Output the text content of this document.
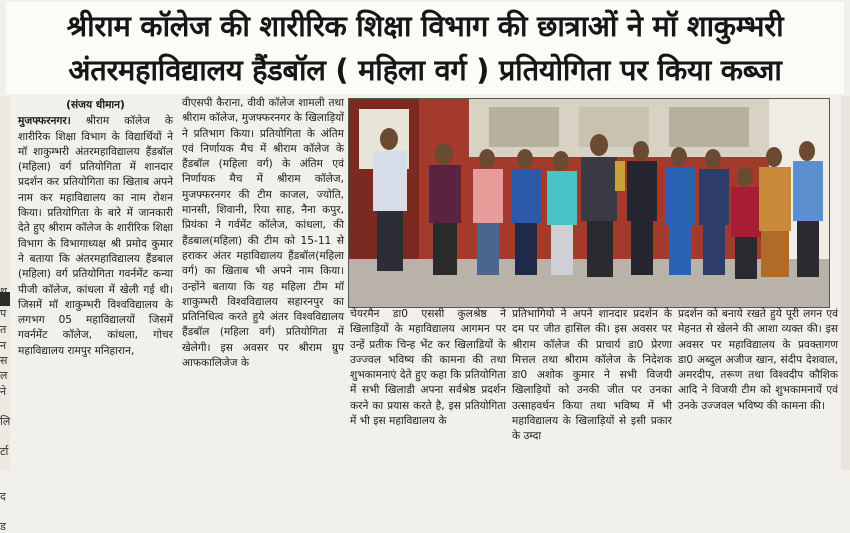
श्रीराम कॉलेज की शारीरिक शिक्षा विभाग की छात्राओं ने मॉ शाकुम्भरी
अंतरमहाविद्यालय हैंडबॉल ( महिला वर्ग ) प्रतियोगिता पर किया कब्जा
थ
प
त
न
स
ल
ने
लि
र्टा
द
ड
(संजय धीमान)

मुजफ्फरनगर। श्रीराम कॉलेज के शारीरिक शिक्षा विभाग के विद्यार्थियों ने मॉ शाकुम्भरी अंतरमहाविद्यालय हैंडबॉल (महिला) वर्ग प्रतियोगिता में शानदार प्रदर्शन कर प्रतियोगिता का खिताब अपने नाम कर महाविद्यालय का नाम रोशन किया। प्रतियोगिता के बारे में जानकारी देते हुए श्रीराम कॉलेज के शारीरिक शिक्षा विभाग के विभागाध्यक्ष श्री प्रमोद कुमार ने बताया कि अंतरमहाविद्यालय हैंडबाल (महिला) वर्ग प्रतियोगिता गवर्नमेंट कन्या पीजी कॉलेज, कांधला में खेली गई थी। जिसमें मॉ शाकुम्भरी विश्वविद्यालय के लगभग 05 महाविद्यालयों जिसमें गवर्नमेंट कॉलेज, कांधला, गोचर महाविद्यालय रामपुर मनिहारान,

वीएसपी कैराना, वीवी कॉलेज शामली तथा श्रीराम कॉलेज, मुजफ्फरनगर के खिलाड़ियों ने प्रतिभाग किया। प्रतियोगिता के अंतिम एवं निर्णायक मैच में श्रीराम कॉलेज के हैंडबॉल (महिला वर्ग) के अंतिम एवं निर्णायक मैच में श्रीराम कॉलेज, मुजफ्फरनगर की टीम काजल, ज्योति, मानसी, शिवानी, रिया साह, नैना कपुर, प्रियंका ने गर्वमेंट कॉलेज, कांधला, की हैंडबाल(महिला) की टीम को 15-11 से हराकर अंतर महाविद्यालय हैंडबॉल(महिला वर्ग) का खिताब भी अपने नाम किया। उन्होंने बताया कि यह महिला टीम मॉ शाकुम्भरी विश्वविद्यालय सहारनपुर का प्रतिनिधित्व करते हुये अंतर विश्वविद्यालय हैंडबॉल (महिला वर्ग) प्रतियोगिता में खेलेगी। इस अवसर पर श्रीराम ग्रुप आफकालिजेज के

चेयरमैन डा0 एससी कुलश्रेष्ठ ने खिलाड़ियों के महाविद्यालय आगमन पर उन्हें प्रतीक चिन्ह भेंट कर खिलाडियों के उज्ज्वल भविष्य की कामना की तथा शुभकामनाएं देते हुए कहा कि प्रतियोगिता में सभी खिलाडी अपना सर्वश्रेष्ठ प्रदर्शन करने का प्रयास करते है, इस प्रतियोगिता में भी इस महाविद्यालय के

प्रतिभागियो ने अपने शानदार प्रदर्शन के दम पर जीत हासिल की। इस अवसर पर श्रीराम कॉलेज की प्राचार्य डा0 प्रेरणा मित्तल तथा श्रीराम कॉलेज के निदेशक डा0 अशोक कुमार ने सभी विजयी खिलाड़ियों को उनकी जीत पर उनका उत्साहवर्धन किया तथा भविष्य में भी महाविद्यालय के खिलाड़ियों से इसी प्रकार के उम्दा

प्रदर्शन को बनाये रखते हुये पूरी लगन एवं मेहनत से खेलने की आशा व्यक्त की। इस अवसर पर महाविद्यालय के प्रवक्तागण डा0 अब्दुल अजीज खान, संदीप देशवाल, अमरदीप, तरूण तथा विश्वदीप कौशिक आदि ने विजयी टीम को शुभकामनायें एवं उनके उज्जवल भविष्य की कामना की।
